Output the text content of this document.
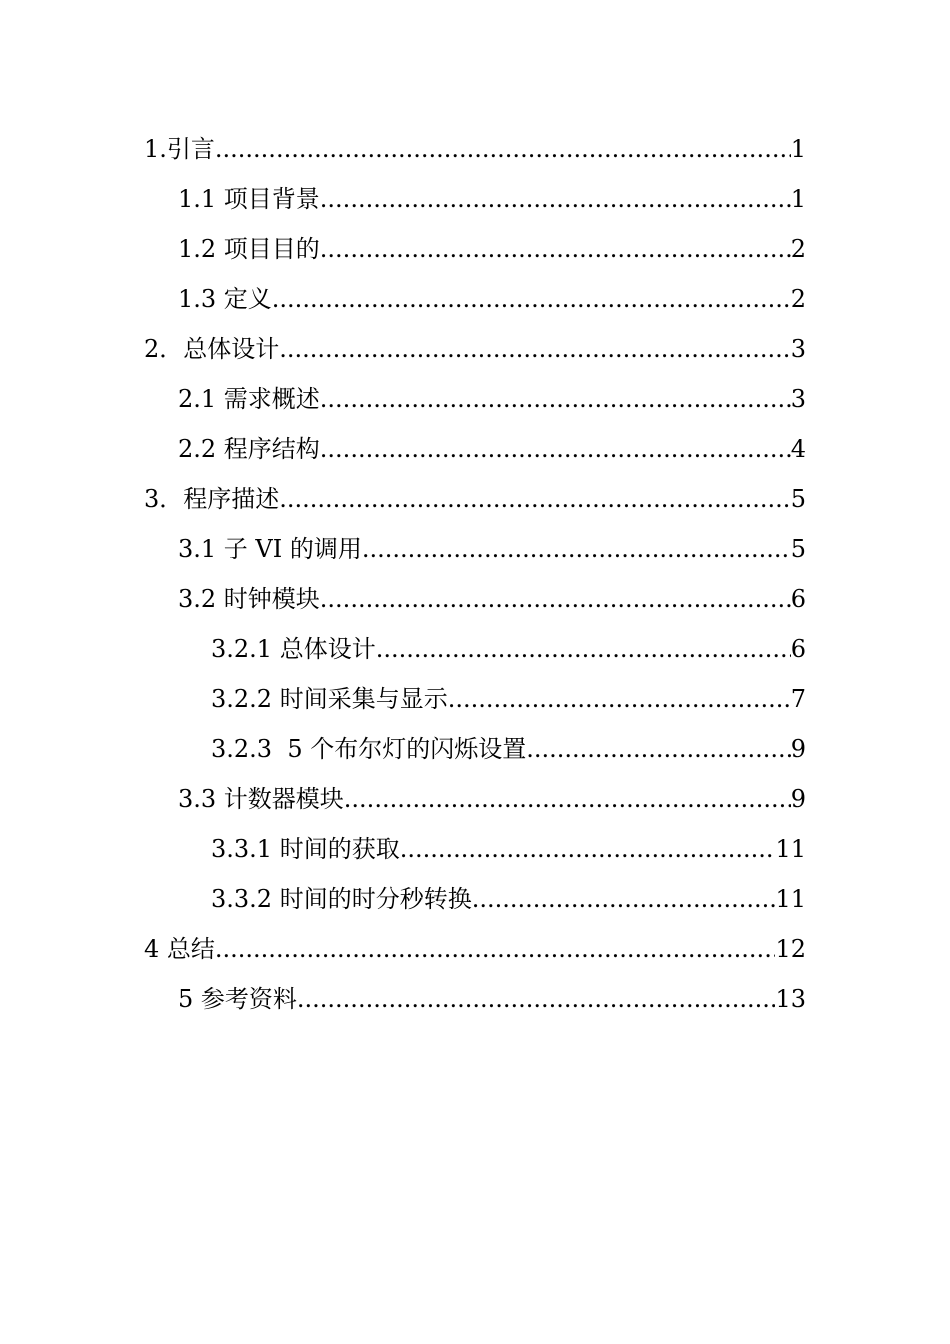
1.引言 .....	1
1.1 项目背景 .....	1
1.2 项目目的 .....	2
1.3 定义 .....	2
2．总体设计 .....	3
2.1 需求概述 .....	3
2.2 程序结构 .....	4
3．程序描述 .....	5
3.1 子 VI 的调用 .....	5
3.2 时钟模块 .....	6
3.2.1 总体设计 .....	6
3.2.2 时间采集与显示 .....	7
3.2.3  5 个布尔灯的闪烁设置 .....	9
3.3 计数器模块 .....	9
3.3.1 时间的获取 .....	11
3.3.2 时间的时分秒转换 .....	11
4 总结 .....	12
5 参考资料 .....	13
